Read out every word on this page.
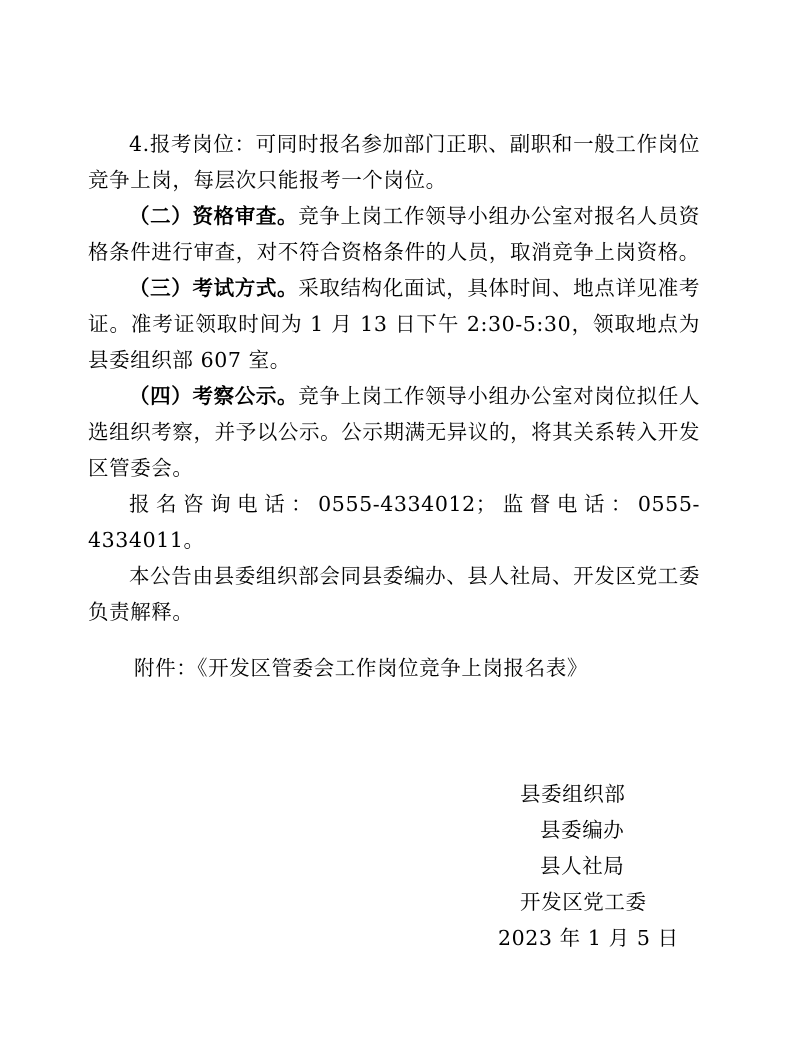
4.报考岗位：可同时报名参加部门正职、副职和一般工作岗位竞争上岗，每层次只能报考一个岗位。

（二）资格审查。竞争上岗工作领导小组办公室对报名人员资格条件进行审查，对不符合资格条件的人员，取消竞争上岗资格。

（三）考试方式。采取结构化面试，具体时间、地点详见准考证。准考证领取时间为 1 月 13 日下午 2:30-5:30，领取地点为县委组织部 607 室。

（四）考察公示。竞争上岗工作领导小组办公室对岗位拟任人选组织考察，并予以公示。公示期满无异议的，将其关系转入开发区管委会。

报名咨询电话：0555-4334012；监督电话：0555-4334011。

本公告由县委组织部会同县委编办、县人社局、开发区党工委负责解释。

附件：《开发区管委会工作岗位竞争上岗报名表》
县委组织部
县委编办
县人社局
开发区党工委
2023 年 1 月 5 日
